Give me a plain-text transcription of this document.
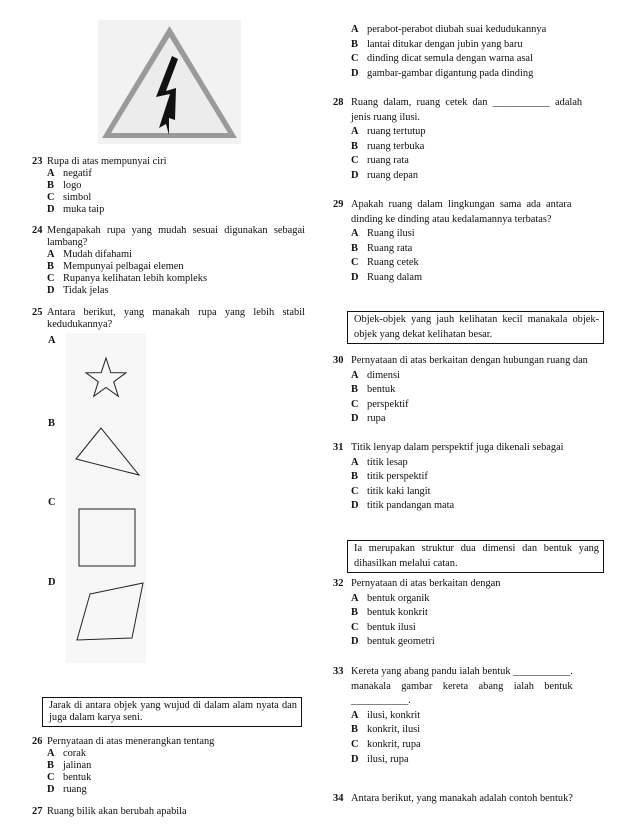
23 Rupa di atas mempunyai ciri
A negatif
B logo
C simbol
D muka taip
24 Mengapakah rupa yang mudah sesuai digunakan sebagai lambang?
A Mudah difahami
B Mempunyai pelbagai elemen
C Rupanya kelihatan lebih kompleks
D Tidak jelas
25 Antara berikut, yang manakah rupa yang lebih stabil kedudukannya?
A
B
C
D
Jarak di antara objek yang wujud di dalam alam nyata dan juga dalam karya seni.
26 Pernyataan di atas menerangkan tentang
A corak
B jalinan
C bentuk
D ruang
27 Ruang bilik akan berubah apabila
A perabot-perabot diubah suai kedudukannya
B lantai ditukar dengan jubin yang baru
C dinding dicat semula dengan warna asal
D gambar-gambar digantung pada dinding
28 Ruang  dalam,  ruang  cetek  dan  ___________  adalah
jenis ruang ilusi.
A ruang tertutup
B ruang terbuka
C ruang rata
D ruang depan
29 Apakah  ruang  dalam  lingkungan  sama  ada  antara
dinding ke dinding atau kedalamannya terbatas?
A Ruang ilusi
B Ruang rata
C Ruang cetek
D Ruang dalam
Objek-objek yang jauh kelihatan kecil manakala objek-objek yang dekat kelihatan besar.
30 Pernyataan di atas berkaitan dengan hubungan ruang dan
A dimensi
B bentuk
C perspektif
D rupa
31 Titik lenyap dalam perspektif juga dikenali sebagai
A titik lesap
B titik perspektif
C titik kaki langit
D titik pandangan mata
Ia merupakan struktur dua dimensi dan bentuk yang dihasilkan melalui catan.
32 Pernyataan di atas berkaitan dengan
A bentuk organik
B bentuk konkrit
C bentuk ilusi
D bentuk geometri
33 Kereta yang abang pandu ialah bentuk ___________.
manakala    gambar    kereta    abang    ialah    bentuk
___________.
A ilusi, konkrit
B konkrit, ilusi
C konkrit, rupa
D ilusi, rupa
34 Antara berikut, yang manakah adalah contoh bentuk?
